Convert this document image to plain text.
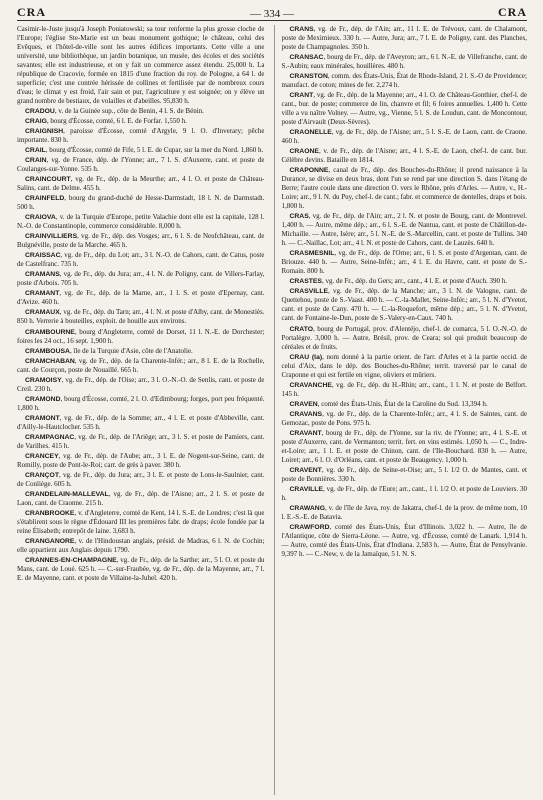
CRA	— 334 —	CRA

Casimir-le-Juste jusqu'à Joseph Poniatowski; sa tour renferme la plus grosse cloche de l'Europe; l'église Ste-Marie est un beau monument gothique; le château, celui des Evêques, et l'hôtel-de-ville sont les autres édifices importants. Cette ville a une université, une bibliothèque, un jardin botanique, un musée, des écoles et des sociétés savantes; elle est industrieuse, et on y fait un commerce assez étendu. 25,000 h. La république de Cracovie, formée en 1815 d'une fraction du roy. de Pologne, a 64 l. de superficie; c'est une contrée hérissée de collines et fertilisée par de nombreux cours d'eau; le climat y est froid, l'air sain et pur, l'agriculture y est soignée; on y élève un grand nombre de bestiaux, de volailles et d'abeilles. 95,830 h.

CRADOU, v. de la Guinée sup., côte de Benin, 4 l. S. de Bénin.

CRAIG, bourg d'Écosse, comté, 6 l. E. de Forfar. 1,550 h.

CRAIGNISH, paroisse d'Écosse, comté d'Argyle, 9 l. O. d'Inverary; pêche importante. 830 h.

CRAIL, bourg d'Écosse, comté de Fife, 5 l. E. de Cupar, sur la mer du Nord. 1,860 h.

CRAIN, vg. de France, dép. de l'Yonne; arr., 7 l. S. d'Auxerre, cant. et poste de Coulanges-sur-Yonne. 535 h.

CRAINCOURT, vg. de Fr., dép. de la Meurthe; arr., 4 l. O. et poste de Château-Salins, cant. de Delme. 455 h.

CRAINFELD, bourg du grand-duché de Hesse-Darmstadt, 18 l. N. de Darmstadt. 500 h.

CRAIOVA, v. de la Turquie d'Europe, petite Valachie dont elle est la capitale, 128 l. N.-O. de Constantinople, commerce considérable. 8,000 h.

CRAINVILLIERS, vg. de Fr., dép. des Vosges; arr., 6 l. S. de Neufchâteau, cant. de Bulgnéville, poste de la Marche. 465 h.

CRAISSAC, vg. de Fr., dép. du Lot; arr., 3 l. N.-O. de Cahors, cant. de Catus, poste de Castelfranc. 735 h.

CRAMANS, vg. de Fr., dép. du Jura; arr., 4 l. N. de Poligny, cant. de Villers-Farlay, poste d'Arbois. 705 h.

CRAMANT, vg. de Fr., dép. de la Marne, arr., 1 l. S. et poste d'Epernay, cant. d'Avize. 460 h.

CRAMAUX, vg. de Fr., dép. du Tarn; arr., 4 l. N. et poste d'Alby, cant. de Monestiès. 850 h. Verrerie à bouteilles, exploit. de houille aux environs.

CRAMBOURNE, bourg d'Angleterre, comté de Dorset, 11 l. N.-E. de Dorchester; foires les 24 oct., 16 sept. 1,900 h.

CRAMBOUSA, île de la Turquie d'Asie, côte de l'Anatolie.

CRAMCHABAN, vg. de Fr., dép. de la Charente-Infér.; arr., 8 l. E. de la Rochelle, cant. de Courçon, poste de Nouaillé. 665 h.

CRAMOISY, vg. de Fr., dép. de l'Oise; arr., 3 l. O.-N.-O. de Senlis, cant. et poste de Creil. 230 h.

CRAMOND, bourg d'Écosse, comté, 2 l. O. d'Edimbourg; forges, port peu fréquenté. 1,800 h.

CRAMONT, vg. de Fr., dép. de la Somme; arr., 4 l. E. et poste d'Abbeville, cant. d'Ailly-le-Hautclocher. 535 h.

CRAMPAGNAC, vg. de Fr., dép. de l'Ariège; arr., 3 l. S. et poste de Pamiers, cant. de Varilhes. 415 h.

CRANCEY, vg. de Fr., dép. de l'Aube; arr., 3 l. E. de Nogent-sur-Seine, cant. de Romilly, poste de Pont-le-Roi; carr. de grès à paver. 380 h.

CRANÇOT, vg. de Fr., dép. du Jura; arr., 3 l. E. et poste de Lons-le-Saulnier, cant. de Conliège. 605 h.

CRANDELAIN-MALLEVAL, vg. de Fr., dép. de l'Aisne; arr., 2 l. S. et poste de Laon, cant. de Craonne. 215 h.

CRANBROOKE, v. d'Angleterre, comté de Kent, 14 l. S.-E. de Londres; c'est là que s'établirent sous le règne d'Édouard III les premières fabr. de draps; école fondée par la reine Élisabeth; entrepôt de laine. 3,683 h.

CRANGANORE, v. de l'Hindoustan anglais, présid. de Madras, 6 l. N. de Cochin; elle appartient aux Anglais depuis 1790.

CRANNES-EN-CHAMPAGNE, vg. de Fr., dép. de la Sarthe; arr., 5 l. O. et poste du Mans, cant. de Loué. 625 h. — C.-sur-Fraubée, vg. de Fr., dép. de la Mayenne, arr., 7 l. E. de Mayenne, cant. et poste de Villaine-la-Juhel. 420 h.

CRANS, vg. de Fr., dép. de l'Ain; arr., 11 l. E. de Trévoux, cant. de Chalamont, poste de Meximieux. 330 h. — Autre, Jura; arr., 7 l. E. de Poligny, cant. des Planches, poste de Champagnoles. 350 h.

CRANSAC, bourg de Fr., dép. de l'Aveyron; arr., 6 l. N.-E. de Villefranche, cant. de S.-Aubin; eaux minérales, houillères. 480 h.

CRANSTON, comm. des États-Unis, État de Rhode-Island, 2 l. S.-O de Providence; manufact. de coton; mines de fer. 2,274 h.

CRANT, vg. de Fr., dép. de la Mayenne; arr., 4 l. O. de Château-Gonthier, chef-l. de cant., bur. de poste; commerce de lin, chanvre et fil; 6 foires annuelles. 1,400 h. Cette ville a vu naître Volney. — Autre, vg., Vienne, 5 l. S. de Loudun, cant. de Moncontour, poste d'Airvault (Deux-Sèvres).

CRAONELLE, vg. de Fr., dép. de l'Aisne; arr., 5 l. S.-E. de Laon, cant. de Craone. 460 h.

CRAONE, v. de Fr., dép. de l'Aisne; arr., 4 l. S.-E. de Laon, chef-l. de cant. bur. Célèbre devins. Bataille en 1814.

CRAPONNE, canal de Fr., dép. des Bouches-du-Rhône; il prend naissance à la Durance, se divise en deux bras, dont l'un se rend par une direction S. dans l'étang de Berre; l'autre coule dans une direction O. vers le Rhône, près d'Arles. — Autre, v., H.-Loire; arr., 9 l. N. du Puy, chef-l. de cant.; fabr. et commerce de dentelles, draps et bois. 1,800 h.

CRAS, vg. de Fr., dép. de l'Ain; arr., 2 l. N. et poste de Bourg, cant. de Montrevel. 1,400 h. — Autre, même dép.; arr., 6 l. S.-E. de Nantua, cant. et poste de Châtillon-de-Michaille. — Autre, Isère; arr., 5 l. N.-E. de S.-Marcellin, cant. et poste de Tullins. 340 h. — C.-Naillac, Lot; arr., 4 l. N. et poste de Cahors, cant. de Lauzès. 640 h.

CRASMESNIL, vg. de Fr., dép. de l'Orne; arr., 6 l. S. et poste d'Argentan, cant. de Briouze. 440 h. — Autre, Seine-Infér.; arr., 4 l. E. du Havre, cant. et poste de S.-Romain. 800 h.

CRASTES, vg. de Fr., dép. du Gers; arr., cant., 4 l. E. et poste d'Auch. 390 h.

CRASVILLE, vg. de Fr., dép. de la Manche; arr., 3 l. N. de Valogne, cant. de Quettehou, poste de S.-Vaast. 400 h. — C.-la-Mallet, Seine-Infér.; arr., 5 l. N. d'Yvetot, cant. et poste de Cany. 470 h. — C.-la-Roquefort, même dép.; arr., 5 l. N. d'Yvetot, cant. de Fontaine-le-Dun, poste de S.-Valery-en-Caux. 740 h.

CRATO, bourg de Portugal, prov. d'Alentéjo, chef-l. de comarca, 5 l. O.-N.-O. de Portalègre. 3,000 h. — Autre, Brésil, prov. de Ceara; sol qui produit beaucoup de céréales et de fruits.

CRAU (la), nom donné à la partie orient. de l'arr. d'Arles et à la partie occid. de celui d'Aix, dans le dép. des Bouches-du-Rhône; territ. traversé par le canal de Craponne et qui est fertile en vigne, oliviers et mûriers.

CRAVANCHE, vg. de Fr., dép. du H.-Rhin; arr., cant., 1 l. N. et poste de Belfort. 145 h.

CRAVEN, comté des États-Unis, État de la Caroline du Sud. 13,394 h.

CRAVANS, vg. de Fr., dép. de la Charente-Infér.; arr., 4 l. S. de Saintes, cant. de Gemozac, poste de Pons. 975 h.

CRAVANT, bourg de Fr., dép. de l'Yonne, sur la riv. de l'Yonne; arr., 4 l. S.-E. et poste d'Auxerre, cant. de Vermanton; territ. fert. en vins estimés. 1,050 h. — C., Indre-et-Loire; arr., 1 l. E. et poste de Chinon, cant. de l'Ile-Bouchard. 830 h. — Autre, Loiret; arr., 6 l. O. d'Orléans, cant. et poste de Beaugency. 1,000 h.

CRAVENT, vg. de Fr., dép. de Seine-et-Oise; arr., 5 l. 1/2 O. de Mantes, cant. et poste de Bonnières. 330 h.

CRAVILLE, vg. de Fr., dép. de l'Eure; arr., cant., 1 l. 1/2 O. et poste de Louviers. 30 h.

CRAWANG, v. de l'île de Java, roy. de Jakatra, chef-l. de la prov. de même nom, 10 l. E.-S.-E. de Batavia.

CRAWFORD, comté des États-Unis, État d'Illinois. 3,022 h. — Autre, île de l'Atlantique, côte de Sierra-Léone. — Autre, vg. d'Écosse, comté de Lanark. 1,914 h. — Autre, comté des États-Unis, État d'Indiana. 2,583 h. — Autre, État de Pensylvanie. 9,397 h. — C.-New, v. de la Jamaïque, 5 l. N. S.
